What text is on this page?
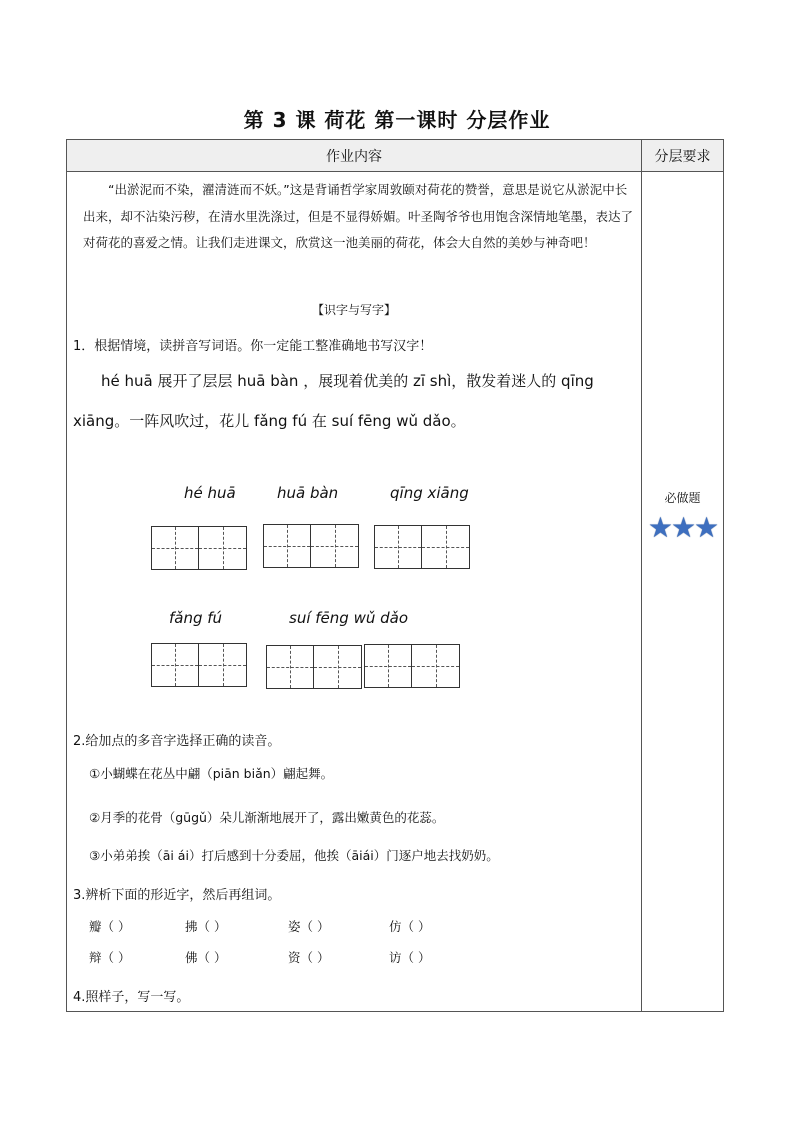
第 3 课 荷花 第一课时 分层作业
作业内容	分层要求
“出淤泥而不染，濯清涟而不妖。”这是背诵哲学家周敦颐对荷花的赞誉，意思是说它从淤泥中长出来，却不沾染污秽，在清水里洗涤过，但是不显得娇媚。叶圣陶爷爷也用饱含深情地笔墨，表达了对荷花的喜爱之情。让我们走进课文，欣赏这一池美丽的荷花，体会大自然的美妙与神奇吧！
【识字与写字】
1．根据情境，读拼音写词语。你一定能工整准确地书写汉字！
hé huā 展开了层层 huā bàn ，展现着优美的 zī shì，散发着迷人的 qīng
xiāng。一阵风吹过，花儿 fǎng fú 在 suí fēng wǔ dǎo。
hé huā	huā bàn	qīng xiāng
fǎng fú	suí fēng wǔ dǎo
2.给加点的多音字选择正确的读音。
①小蝴蝶在花丛中翩（piān biǎn）翩起舞。
②月季的花骨（gūgǔ）朵儿渐渐地展开了，露出嫩黄色的花蕊。
③小弟弟挨（āi ái）打后感到十分委屈，他挨（āiái）门逐户地去找奶奶。
3.辨析下面的形近字，然后再组词。
瓣（ ）	拂（ ）	姿（ ）	仿（ ）
辩（ ）	佛（ ）	资（ ）	访（ ）
4.照样子，写一写。
必做题
★★★
